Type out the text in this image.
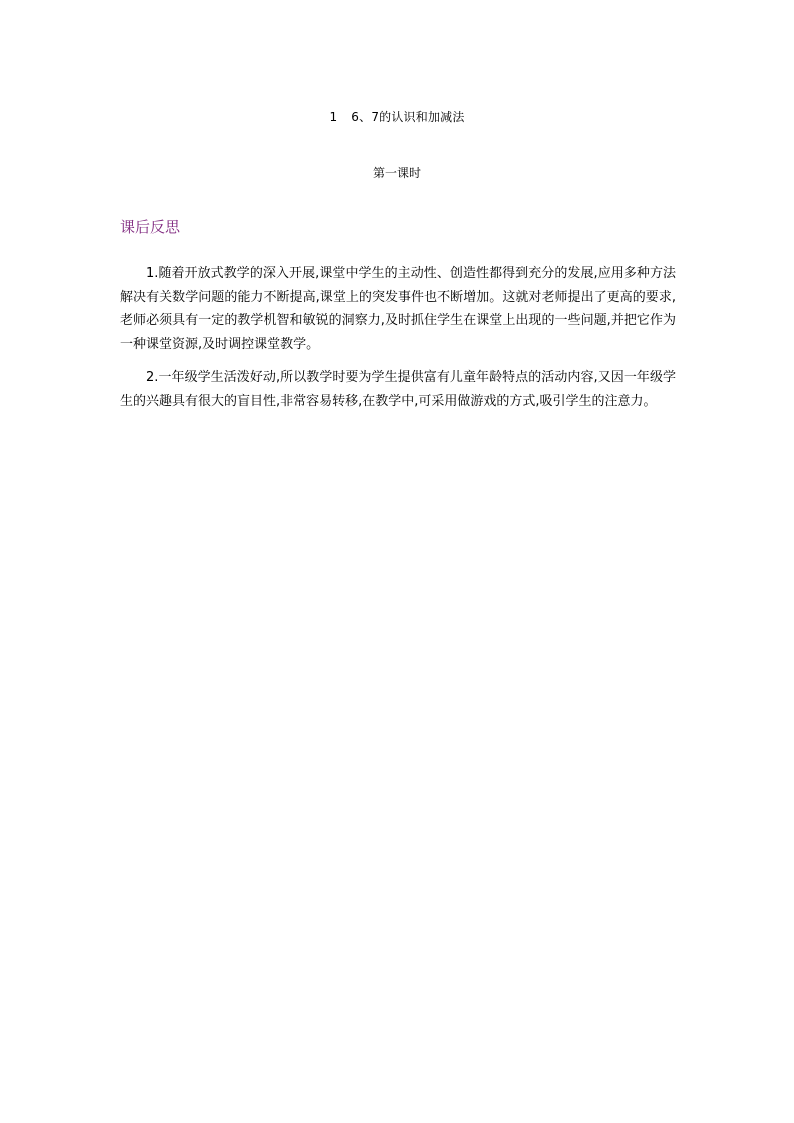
1 6、7的认识和加减法
第一课时
课后反思

1.随着开放式教学的深入开展,课堂中学生的主动性、创造性都得到充分的发展,应用多种方法解决有关数学问题的能力不断提高,课堂上的突发事件也不断增加。这就对老师提出了更高的要求,老师必须具有一定的教学机智和敏锐的洞察力,及时抓住学生在课堂上出现的一些问题,并把它作为一种课堂资源,及时调控课堂教学。

2.一年级学生活泼好动,所以教学时要为学生提供富有儿童年龄特点的活动内容,又因一年级学生的兴趣具有很大的盲目性,非常容易转移,在教学中,可采用做游戏的方式,吸引学生的注意力。
